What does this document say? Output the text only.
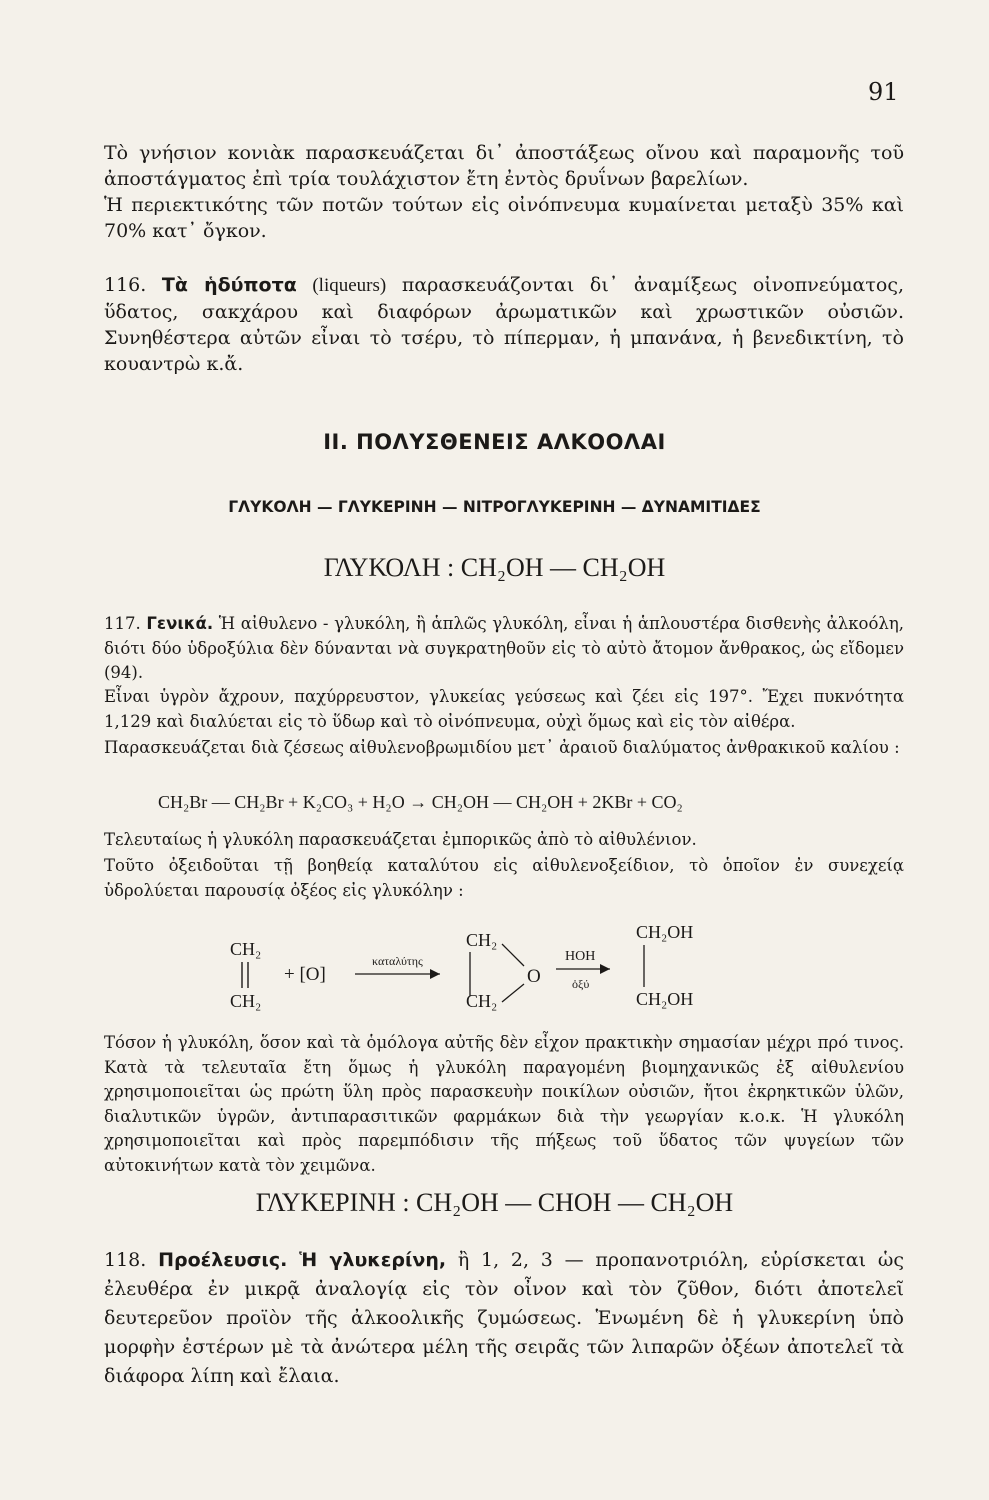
91
Τὸ γνήσιον κονιὰκ παρασκευάζεται δι᾽ ἀποστάξεως οἴνου καὶ παραμονῆς τοῦ ἀποστάγματος ἐπὶ τρία τουλάχιστον ἔτη ἐντὸς δρυΐνων βαρελίων.
Ἡ περιεκτικότης τῶν ποτῶν τούτων εἰς οἰνόπνευμα κυμαίνεται μεταξὺ 35% καὶ 70% κατ᾽ ὄγκον.
116. Τὰ ἡδύποτα (liqueurs) παρασκευάζονται δι᾽ ἀναμίξεως οἰνοπνεύματος, ὕδατος, σακχάρου καὶ διαφόρων ἀρωματικῶν καὶ χρωστικῶν οὐσιῶν. Συνηθέστερα αὐτῶν εἶναι τὸ τσέρυ, τὸ πίπερμαν, ἡ μπανάνα, ἡ βενεδικτίνη, τὸ κουαντρὼ κ.ἄ.
II. ΠΟΛΥΣΘΕΝΕΙΣ ΑΛΚΟΟΛΑΙ
ΓΛΥΚΟΛΗ — ΓΛΥΚΕΡΙΝΗ — ΝΙΤΡΟΓΛΥΚΕΡΙΝΗ — ΔΥΝΑΜΙΤΙΔΕΣ
ΓΛΥΚΟΛΗ : CH₂OH — CH₂OH
117. Γενικά. Ἡ αἰθυλενο - γλυκόλη, ἢ ἁπλῶς γλυκόλη, εἶναι ἡ ἁπλουστέρα δισθενὴς ἀλκοόλη, διότι δύο ὑδροξύλια δὲν δύνανται νὰ συγκρατηθοῦν εἰς τὸ αὐτὸ ἄτομον ἄνθρακος, ὡς εἴδομεν (94).
Εἶναι ὑγρὸν ἄχρουν, παχύρρευστον, γλυκείας γεύσεως καὶ ζέει εἰς 197°. Ἔχει πυκνότητα 1,129 καὶ διαλύεται εἰς τὸ ὕδωρ καὶ τὸ οἰνόπνευμα, οὐχὶ ὅμως καὶ εἰς τὸν αἰθέρα.
Παρασκευάζεται διὰ ζέσεως αἰθυλενοβρωμιδίου μετ᾽ ἀραιοῦ διαλύματος ἀνθρακικοῦ καλίου :
CH₂Br — CH₂Br + K₂CO₃ + H₂O → CH₂OH — CH₂OH + 2KBr + CO₂
Τελευταίως ἡ γλυκόλη παρασκευάζεται ἐμπορικῶς ἀπὸ τὸ αἰθυλένιον.
Τοῦτο ὀξειδοῦται τῇ βοηθείᾳ καταλύτου εἰς αἰθυλενοξείδιον, τὸ ὁποῖον ἐν συνεχείᾳ ὑδρολύεται παρουσίᾳ ὀξέος εἰς γλυκόλην :
CH₂
CH₂
+ [O]
καταλύτης
CH₂
O
CH₂
HOH
ὀξύ
CH₂OH
CH₂OH
Τόσον ἡ γλυκόλη, ὅσον καὶ τὰ ὁμόλογα αὐτῆς δὲν εἶχον πρακτικὴν σημασίαν μέχρι πρό τινος. Κατὰ τὰ τελευταῖα ἔτη ὅμως ἡ γλυκόλη παραγομένη βιομηχανικῶς ἐξ αἰθυλενίου χρησιμοποιεῖται ὡς πρώτη ὕλη πρὸς παρασκευὴν ποικίλων οὐσιῶν, ἤτοι ἐκρηκτικῶν ὑλῶν, διαλυτικῶν ὑγρῶν, ἀντιπαρασιτικῶν φαρμάκων διὰ τὴν γεωργίαν κ.ο.κ. Ἡ γλυκόλη χρησιμοποιεῖται καὶ πρὸς παρεμπόδισιν τῆς πήξεως τοῦ ὕδατος τῶν ψυγείων τῶν αὐτοκινήτων κατὰ τὸν χειμῶνα.
ΓΛΥΚΕΡΙΝΗ : CH₂OH — CHOH — CH₂OH
118. Προέλευσις. Ἡ γλυκερίνη, ἢ 1, 2, 3 — προπανοτριόλη, εὑρίσκεται ὡς ἐλευθέρα ἐν μικρᾷ ἀναλογίᾳ εἰς τὸν οἶνον καὶ τὸν ζῦθον, διότι ἀποτελεῖ δευτερεῦον προϊὸν τῆς ἀλκοολικῆς ζυμώσεως. Ἑνωμένη δὲ ἡ γλυκερίνη ὑπὸ μορφὴν ἐστέρων μὲ τὰ ἀνώτερα μέλη τῆς σειρᾶς τῶν λιπαρῶν ὀξέων ἀποτελεῖ τὰ διάφορα λίπη καὶ ἔλαια.
